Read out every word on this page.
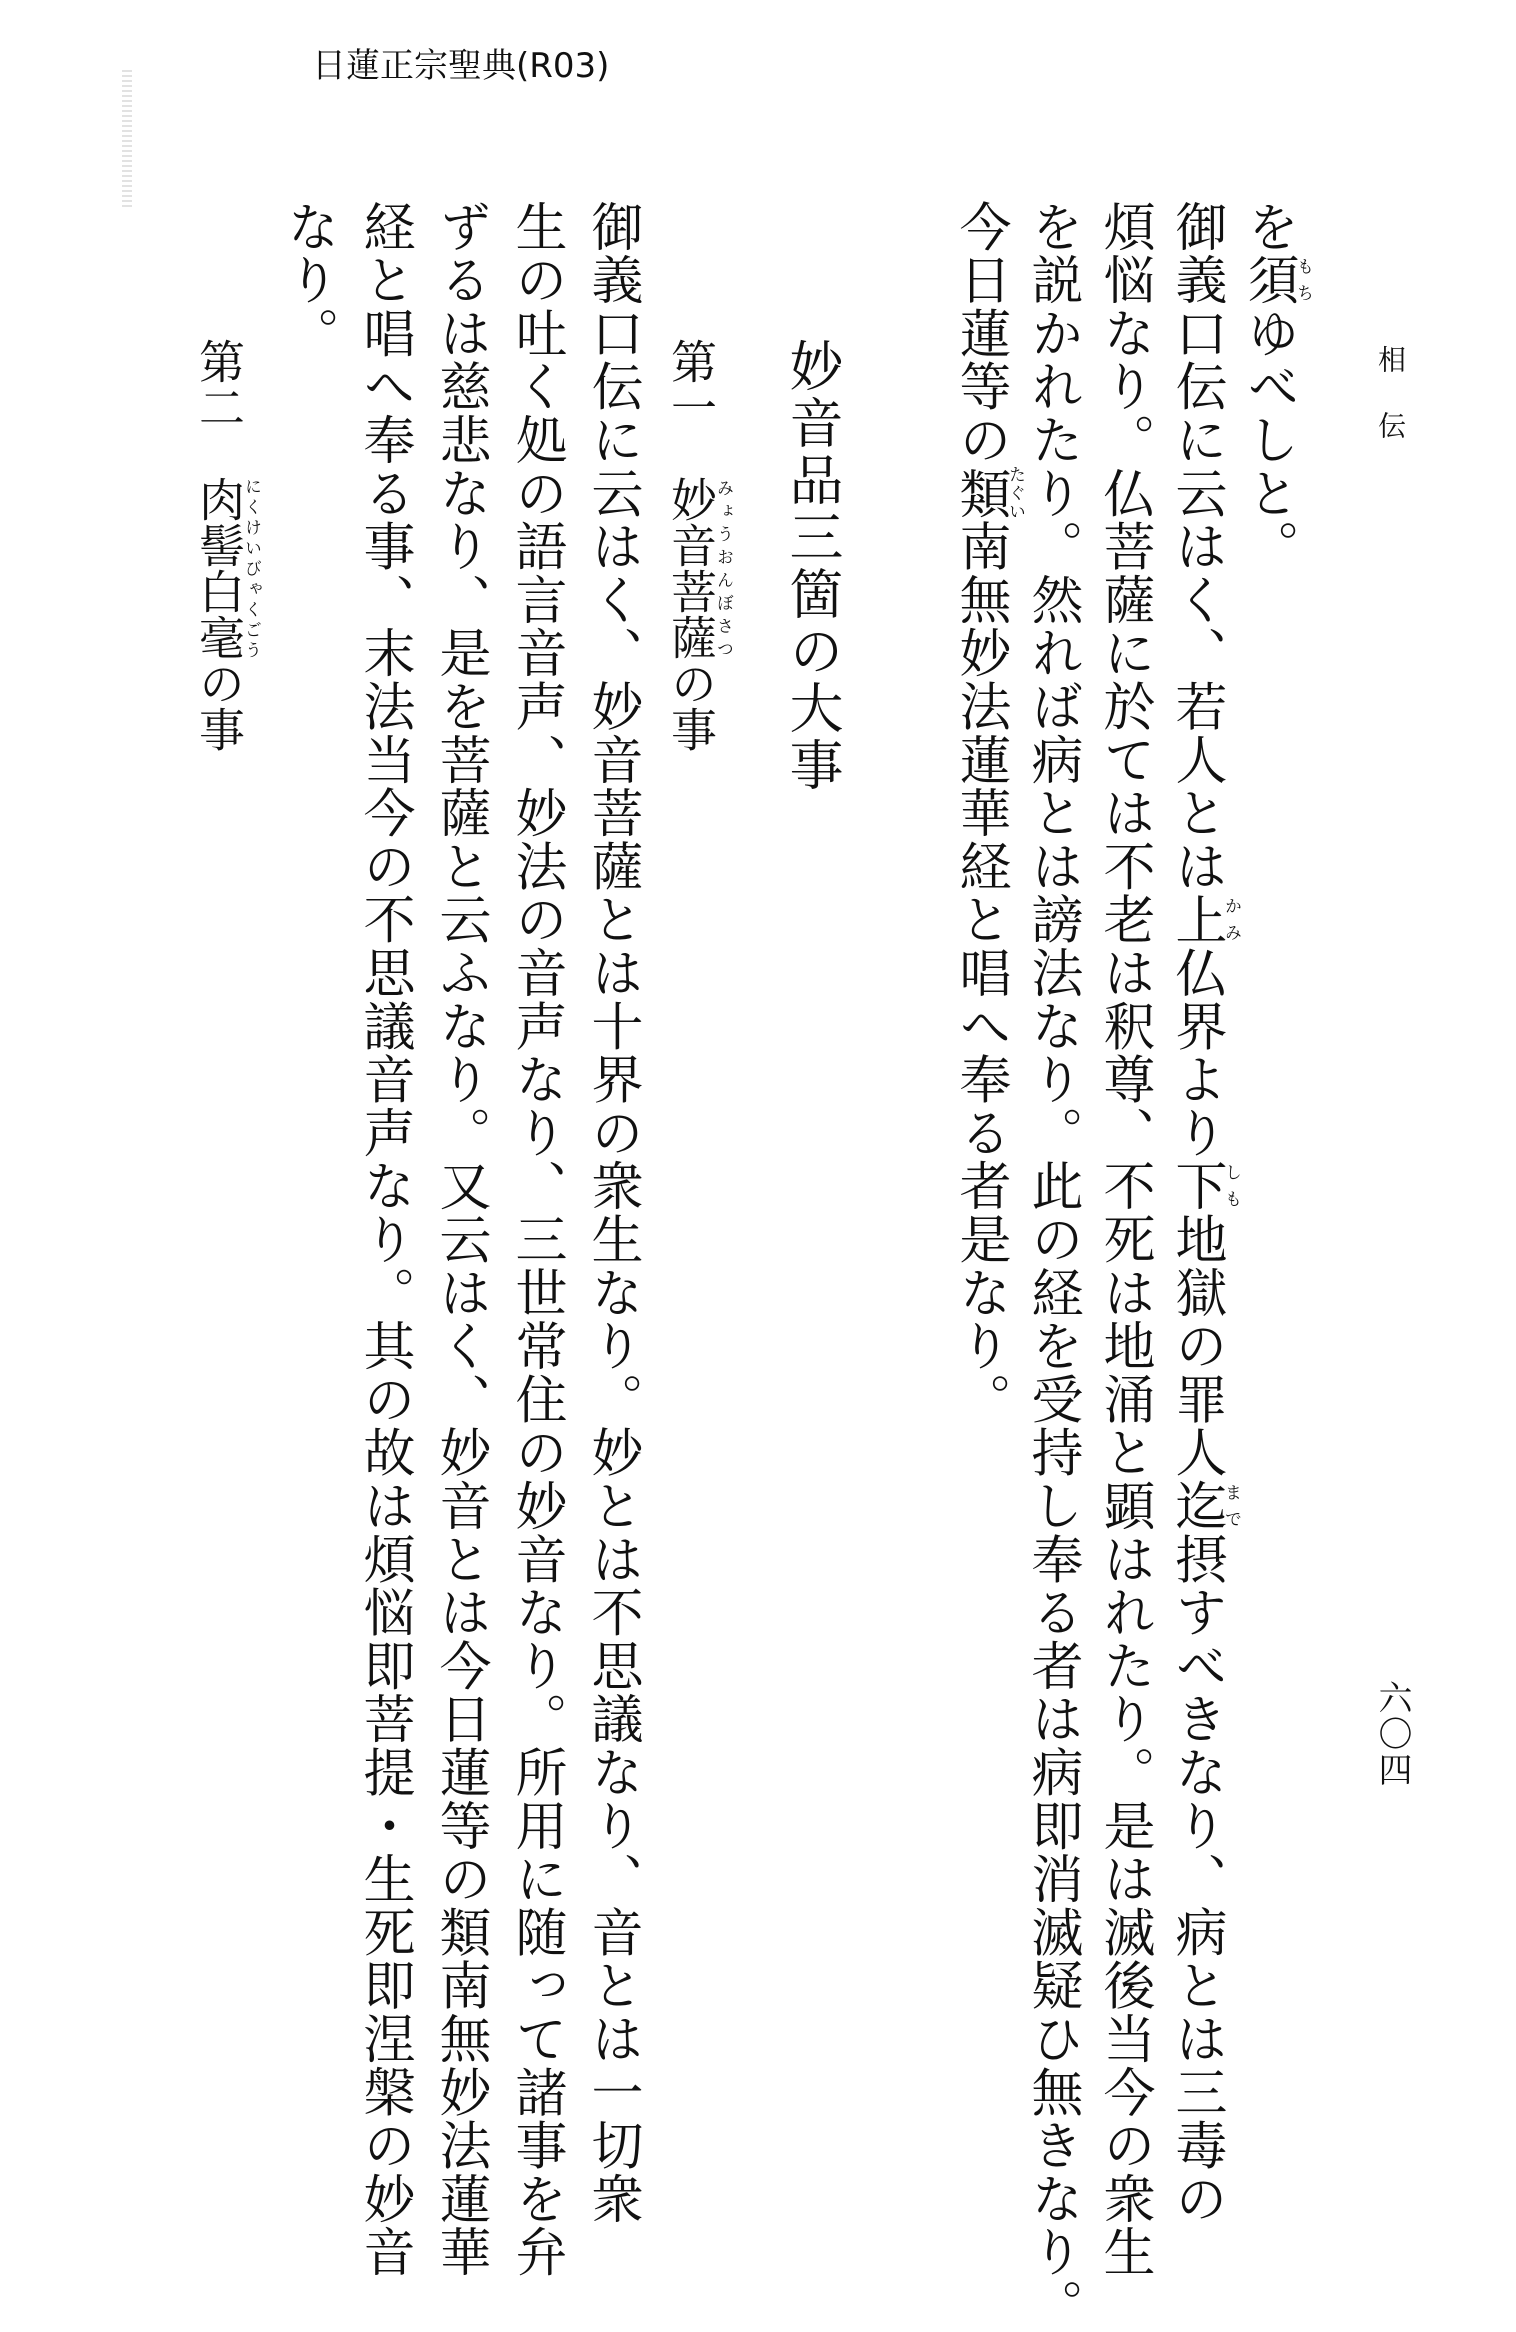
日蓮正宗聖典(R03)
相伝
六〇四
を須もちゆべしと。
御義口伝に云はく、若人とは上かみ仏界より下しも地獄の罪人迄まで摂すべきなり、病とは三毒の
煩悩なり。仏菩薩に於ては不老は釈尊、不死は地涌と顕はれたり。是は滅後当今の衆生
を説かれたり。然れば病とは謗法なり。此の経を受持し奉る者は病即消滅疑ひ無きなり。
今日蓮等の類たぐい南無妙法蓮華経と唱へ奉る者是なり。
妙音品三箇の大事
第一妙音菩薩みょうおんぼさつの事
御義口伝に云はく、妙音菩薩とは十界の衆生なり。妙とは不思議なり、音とは一切衆
生の吐く処の語言音声、妙法の音声なり、三世常住の妙音なり。所用に随って諸事を弁
ずるは慈悲なり、是を菩薩と云ふなり。又云はく、妙音とは今日蓮等の類南無妙法蓮華
経と唱へ奉る事、末法当今の不思議音声なり。其の故は煩悩即菩提・生死即涅槃の妙音
なり。
第二肉髻白毫にくけいびゃくごうの事
